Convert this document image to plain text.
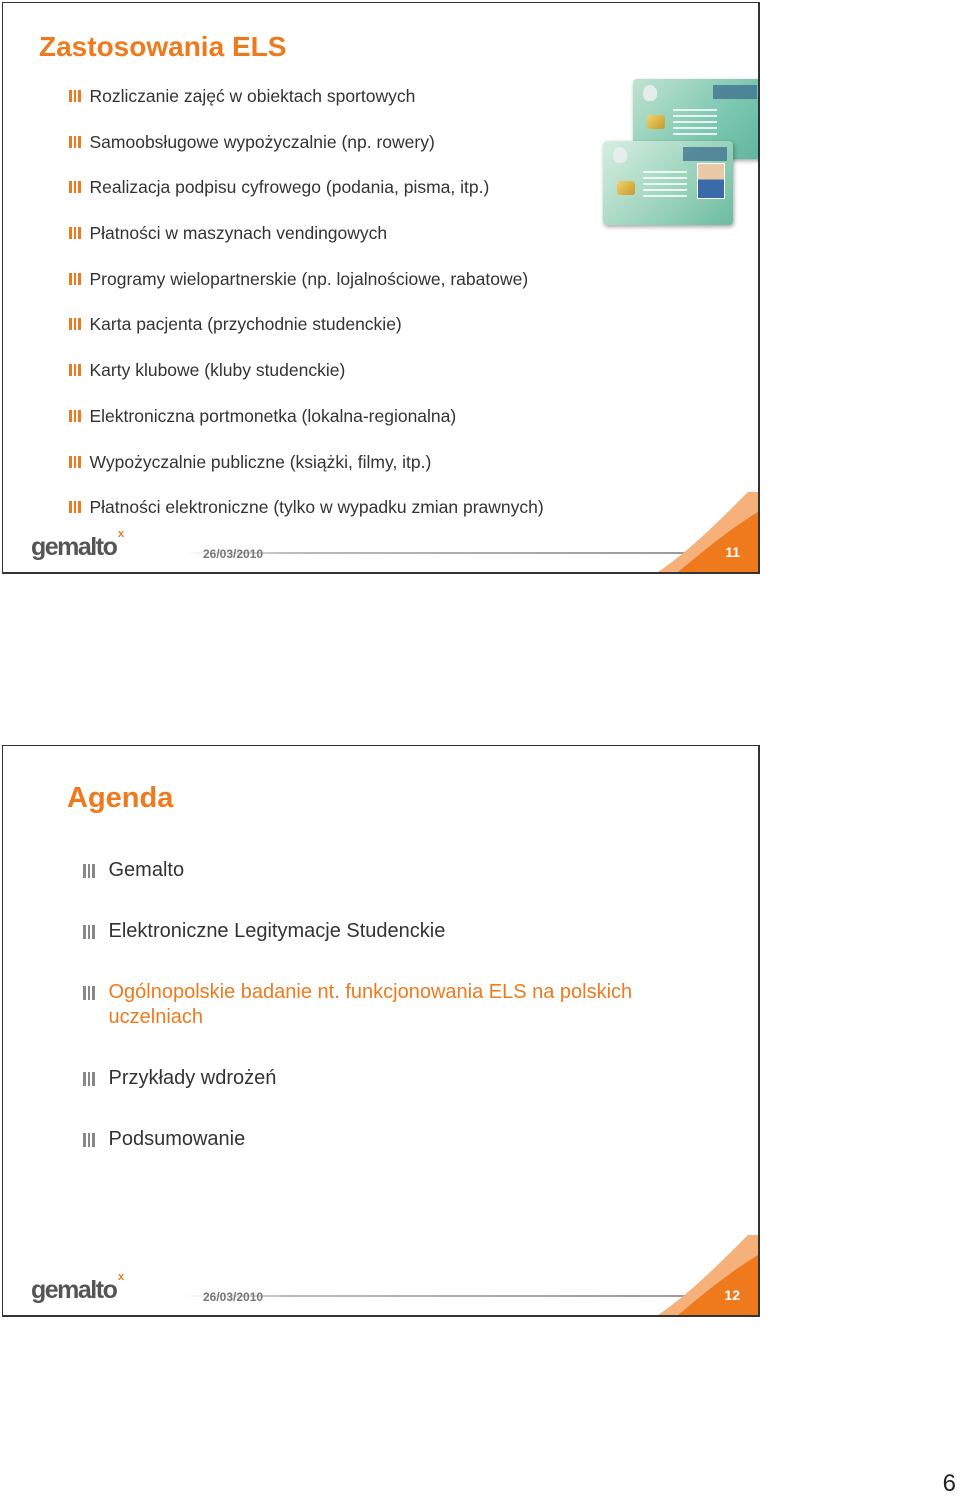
Zastosowania ELS
Rozliczanie zajęć w obiektach sportowych
Samoobsługowe wypożyczalnie (np. rowery)
Realizacja podpisu cyfrowego (podania, pisma, itp.)
Płatności w maszynach vendingowych
Programy wielopartnerskie (np. lojalnościowe, rabatowe)
Karta pacjenta (przychodnie studenckie)
Karty klubowe (kluby studenckie)
Elektroniczna portmonetka (lokalna-regionalna)
Wypożyczalnie publiczne (książki, filmy, itp.)
Płatności elektroniczne (tylko w wypadku zmian prawnych)
gemalto x
26/03/2010	11
Agenda
Gemalto
Elektroniczne Legitymacje Studenckie
Ogólnopolskie badanie nt. funkcjonowania ELS na polskich uczelniach
Przykłady wdrożeń
Podsumowanie
gemalto x
26/03/2010	12
6
